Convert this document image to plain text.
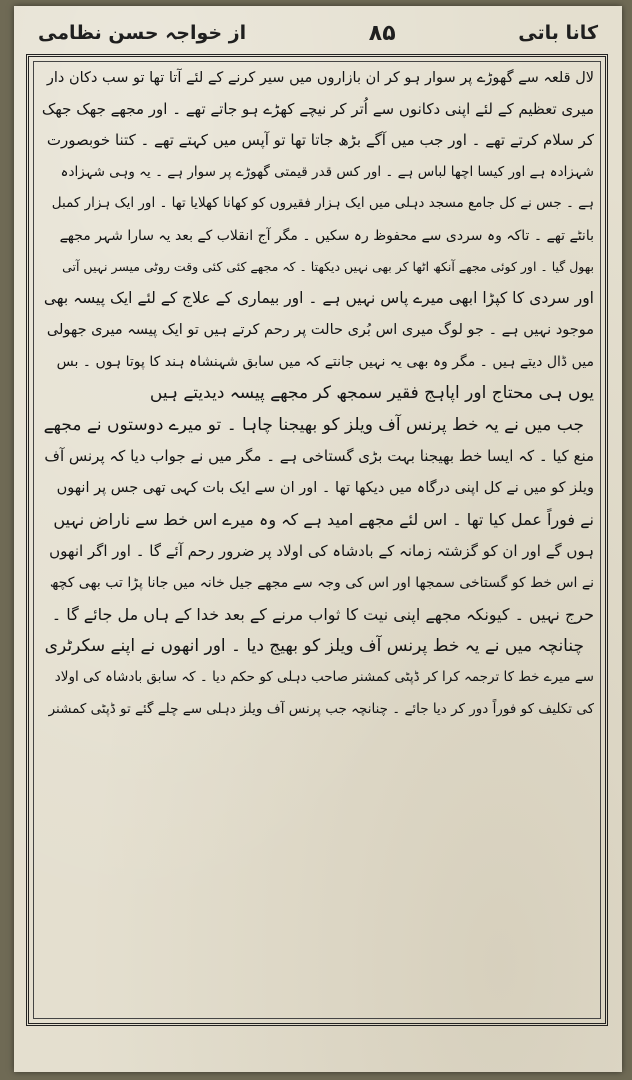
کانا باتی
۸۵
از خواجہ حسن نظامی
لال قلعہ سے گھوڑے پر سوار ہو کر ان بازاروں میں سیر کرنے کے لئے آتا تھا تو سب دکان دار
میری تعظیم کے لئے اپنی دکانوں سے اُتر کر نیچے کھڑے ہو جاتے تھے ۔ اور مجھے جھک جھک
کر سلام کرتے تھے ۔ اور جب میں آگے بڑھ جاتا تھا تو آپس میں کہتے تھے ۔ کتنا خوبصورت
شہزادہ ہے اور کیسا اچھا لباس ہے ۔ اور کس قدر قیمتی گھوڑے پر سوار ہے ۔ یہ وہی شہزادہ
ہے ۔ جس نے کل جامع مسجد دہلی میں ایک ہزار فقیروں کو کھانا کھلایا تھا ۔ اور ایک ہزار کمبل
بانٹے تھے ۔ تاکہ وہ سردی سے محفوظ رہ سکیں ۔ مگر آج انقلاب کے بعد یہ سارا شہر مجھے
بھول گیا ۔ اور کوئی مجھے آنکھ اٹھا کر بھی نہیں دیکھتا ۔ کہ مجھے کئی کئی وقت روٹی میسر نہیں آتی
اور سردی کا کپڑا ابھی میرے پاس نہیں ہے ۔ اور بیماری کے علاج کے لئے ایک پیسہ بھی
موجود نہیں ہے ۔ جو لوگ میری اس بُری حالت پر رحم کرتے ہیں تو ایک پیسہ میری جھولی
میں ڈال دیتے ہیں ۔ مگر وہ بھی یہ نہیں جانتے کہ میں سابق شہنشاہ ہند کا پوتا ہوں ۔ بس
یوں ہی محتاج اور اپاہج فقیر سمجھ کر مجھے پیسہ دیدیتے ہیں
جب میں نے یہ خط پرنس آف ویلز کو بھیجنا چاہا ۔ تو میرے دوستوں نے مجھے
منع کیا ۔ کہ ایسا خط بھیجنا بہت بڑی گستاخی ہے ۔ مگر میں نے جواب دیا کہ پرنس آف
ویلز کو میں نے کل اپنی درگاہ میں دیکھا تھا ۔ اور ان سے ایک بات کہی تھی جس پر انھوں
نے فوراً عمل کیا تھا ۔ اس لئے مجھے امید ہے کہ وہ میرے اس خط سے ناراض نہیں
ہوں گے اور ان کو گزشتہ زمانہ کے بادشاہ کی اولاد پر ضرور رحم آئے گا ۔ اور اگر انھوں
نے اس خط کو گستاخی سمجھا اور اس کی وجہ سے مجھے جیل خانہ میں جانا پڑا تب بھی کچھ
حرج نہیں ۔ کیونکہ مجھے اپنی نیت کا ثواب مرنے کے بعد خدا کے ہاں مل جائے گا ۔
چنانچہ میں نے یہ خط پرنس آف ویلز کو بھیج دیا ۔ اور انھوں نے اپنے سکرٹری
سے میرے خط کا ترجمہ کرا کر ڈپٹی کمشنر صاحب دہلی کو حکم دیا ۔ کہ سابق بادشاہ کی اولاد
کی تکلیف کو فوراً دور کر دیا جائے ۔ چنانچہ جب پرنس آف ویلز دہلی سے چلے گئے تو ڈپٹی کمشنر
